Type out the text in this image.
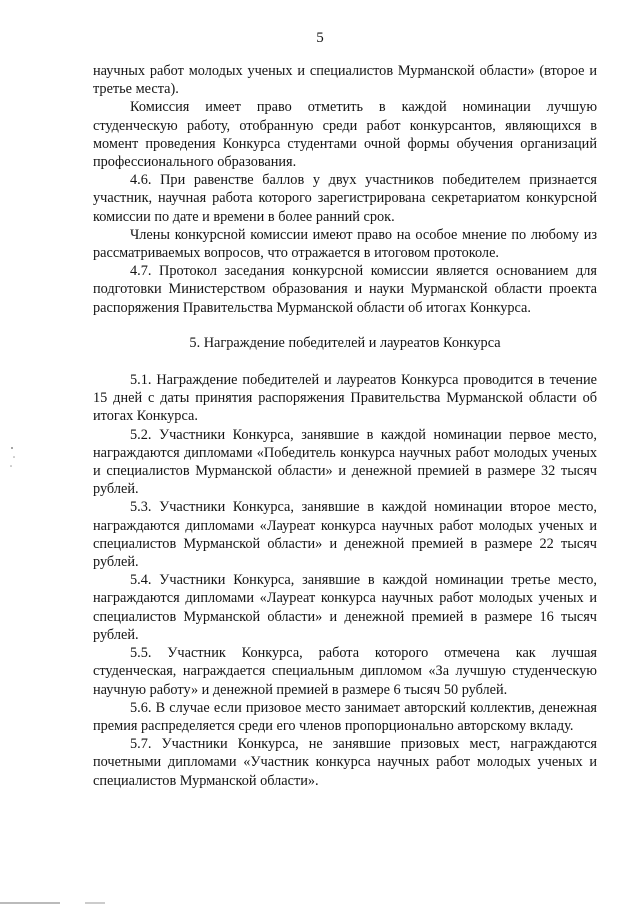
5

научных работ молодых ученых и специалистов Мурманской области» (второе и третье места).

Комиссия имеет право отметить в каждой номинации лучшую студенческую работу, отобранную среди работ конкурсантов, являющихся в момент проведения Конкурса студентами очной формы обучения организаций профессионального образования.

4.6. При равенстве баллов у двух участников победителем признается участник, научная работа которого зарегистрирована секретариатом конкурсной комиссии по дате и времени в более ранний срок.

Члены конкурсной комиссии имеют право на особое мнение по любому из рассматриваемых вопросов, что отражается в итоговом протоколе.

4.7. Протокол заседания конкурсной комиссии является основанием для подготовки Министерством образования и науки Мурманской области проекта распоряжения Правительства Мурманской области об итогах Конкурса.

5. Награждение победителей и лауреатов Конкурса

5.1. Награждение победителей и лауреатов Конкурса проводится в течение 15 дней с даты принятия распоряжения Правительства Мурманской области об итогах Конкурса.

5.2. Участники Конкурса, занявшие в каждой номинации первое место, награждаются дипломами «Победитель конкурса научных работ молодых ученых и специалистов Мурманской области» и денежной премией в размере 32 тысяч рублей.

5.3. Участники Конкурса, занявшие в каждой номинации второе место, награждаются дипломами «Лауреат конкурса научных работ молодых ученых и специалистов Мурманской области» и денежной премией в размере 22 тысяч рублей.

5.4. Участники Конкурса, занявшие в каждой номинации третье место, награждаются дипломами «Лауреат конкурса научных работ молодых ученых и специалистов Мурманской области» и денежной премией в размере 16 тысяч рублей.

5.5. Участник Конкурса, работа которого отмечена как лучшая студенческая, награждается специальным дипломом «За лучшую студенческую научную работу» и денежной премией в размере 6 тысяч 50 рублей.

5.6. В случае если призовое место занимает авторский коллектив, денежная премия распределяется среди его членов пропорционально авторскому вкладу.

5.7. Участники Конкурса, не занявшие призовых мест, награждаются почетными дипломами «Участник конкурса научных работ молодых ученых и специалистов Мурманской области».
